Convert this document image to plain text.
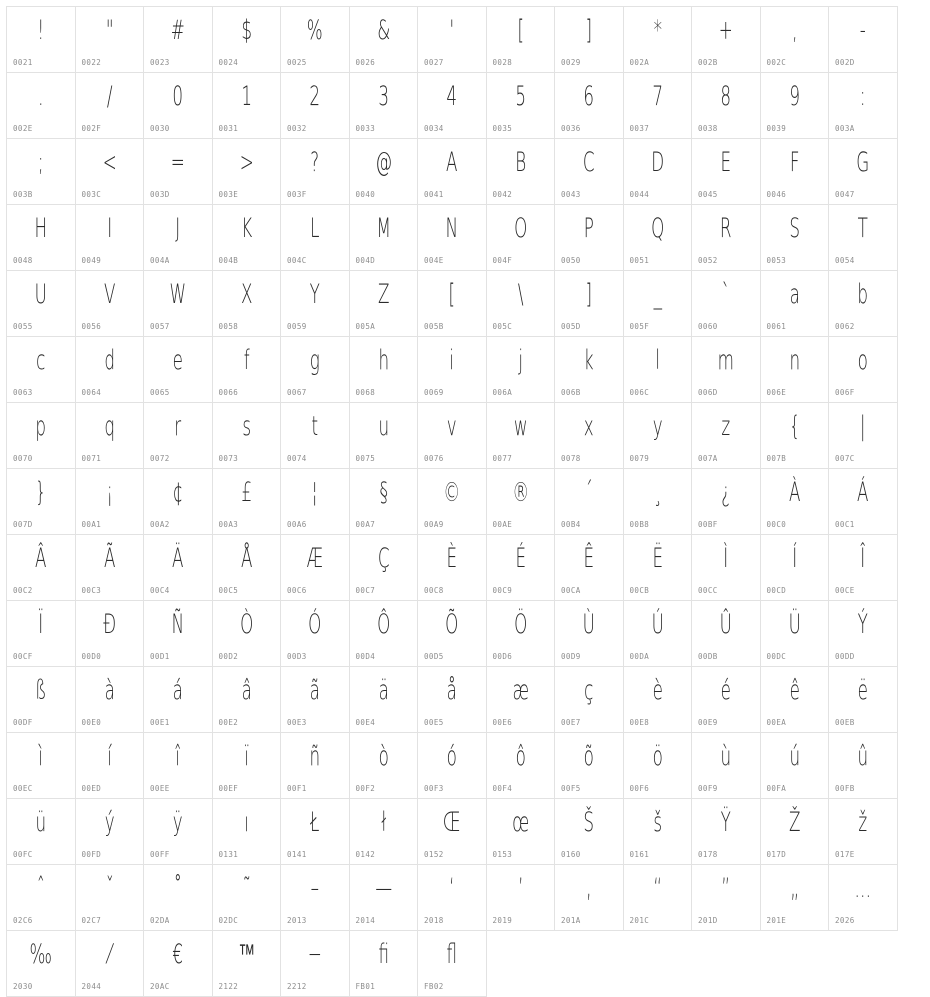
!
0021
"
0022
#
0023
$
0024
%
0025
&
0026
'
0027
[
0028
]
0029
*
002A
+
002B
,
002C
-
002D
.
002E
/
002F
0
0030
1
0031
2
0032
3
0033
4
0034
5
0035
6
0036
7
0037
8
0038
9
0039
:
003A
;
003B
<
003C
=
003D
>
003E
?
003F
@
0040
A
0041
B
0042
C
0043
D
0044
E
0045
F
0046
G
0047
H
0048
I
0049
J
004A
K
004B
L
004C
M
004D
N
004E
O
004F
P
0050
Q
0051
R
0052
S
0053
T
0054
U
0055
V
0056
W
0057
X
0058
Y
0059
Z
005A
[
005B
\
005C
]
005D
_
005F
`
0060
a
0061
b
0062
c
0063
d
0064
e
0065
f
0066
g
0067
h
0068
i
0069
j
006A
k
006B
l
006C
m
006D
n
006E
o
006F
p
0070
q
0071
r
0072
s
0073
t
0074
u
0075
v
0076
w
0077
x
0078
y
0079
z
007A
{
007B
|
007C
}
007D
¡
00A1
¢
00A2
£
00A3
¦
00A6
§
00A7
©
00A9
®
00AE
´
00B4
¸
00B8
¿
00BF
À
00C0
Á
00C1
Â
00C2
Ã
00C3
Ä
00C4
Å
00C5
Æ
00C6
Ç
00C7
È
00C8
É
00C9
Ê
00CA
Ë
00CB
Ì
00CC
Í
00CD
Î
00CE
Ï
00CF
Ð
00D0
Ñ
00D1
Ò
00D2
Ó
00D3
Ô
00D4
Õ
00D5
Ö
00D6
Ù
00D9
Ú
00DA
Û
00DB
Ü
00DC
Ý
00DD
ß
00DF
à
00E0
á
00E1
â
00E2
ã
00E3
ä
00E4
å
00E5
æ
00E6
ç
00E7
è
00E8
é
00E9
ê
00EA
ë
00EB
ì
00EC
í
00ED
î
00EE
ï
00EF
ñ
00F1
ò
00F2
ó
00F3
ô
00F4
õ
00F5
ö
00F6
ù
00F9
ú
00FA
û
00FB
ü
00FC
ý
00FD
ÿ
00FF
ı
0131
Ł
0141
ł
0142
Œ
0152
œ
0153
Š
0160
š
0161
Ÿ
0178
Ž
017D
ž
017E
ˆ
02C6
ˇ
02C7
˚
02DA
˜
02DC
–
2013
—
2014
‘
2018
’
2019
‚
201A
“
201C
”
201D
„
201E
…
2026
‰
2030
⁄
2044
€
20AC
™
2122
−
2212
ﬁ
FB01
ﬂ
FB02
